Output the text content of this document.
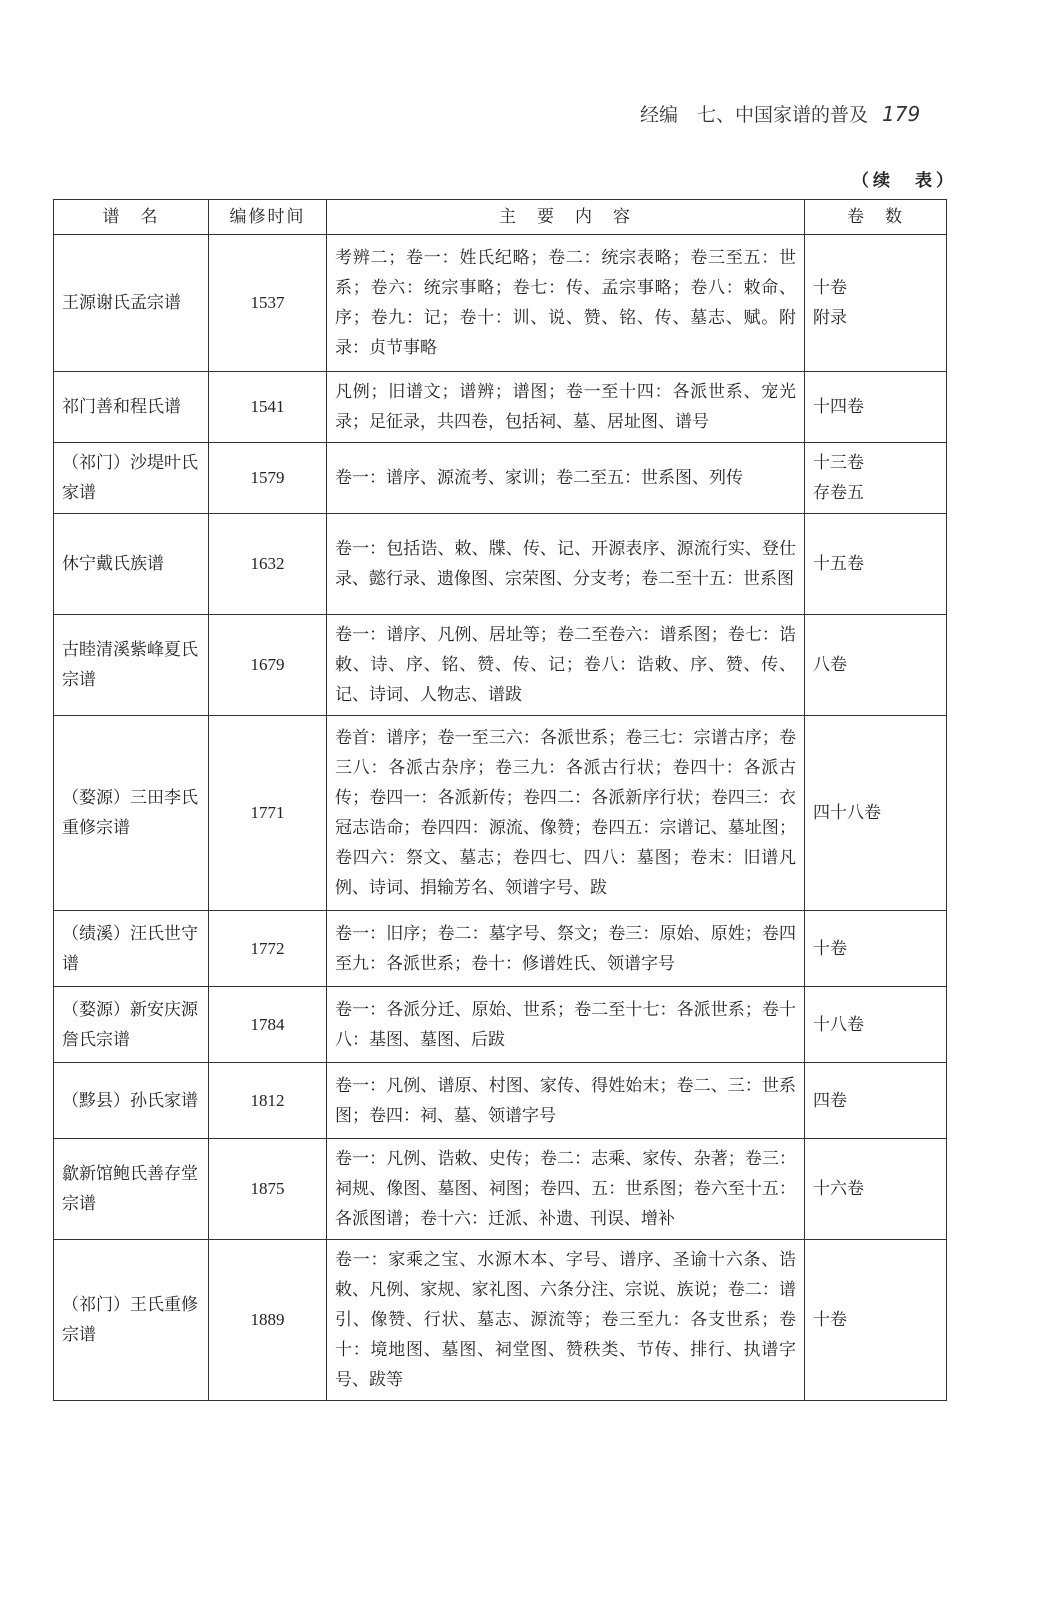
经编　七、中国家谱的普及 179
（续　表）
谱　名	编修时间	主　要　内　容	卷　数
王源谢氏孟宗谱	1537	考辨二；卷一：姓氏纪略；卷二：统宗表略；卷三至五：世系；卷六：统宗事略；卷七：传、孟宗事略；卷八：敕命、序；卷九：记；卷十：训、说、赞、铭、传、墓志、赋。附录：贞节事略	十卷
附录

祁门善和程氏谱	1541	凡例；旧谱文；谱辨；谱图；卷一至十四：各派世系、宠光录；足征录，共四卷，包括祠、墓、居址图、谱号	十四卷

（祁门）沙堤叶氏家谱	1579	卷一：谱序、源流考、家训；卷二至五：世系图、列传	十三卷
存卷五

休宁戴氏族谱	1632	卷一：包括诰、敕、牒、传、记、开源表序、源流行实、登仕录、懿行录、遗像图、宗荣图、分支考；卷二至十五：世系图	十五卷

古睦清溪紫峰夏氏宗谱	1679	卷一：谱序、凡例、居址等；卷二至卷六：谱系图；卷七：诰敕、诗、序、铭、赞、传、记；卷八：诰敕、序、赞、传、记、诗词、人物志、谱跋	八卷

（婺源）三田李氏重修宗谱	1771	卷首：谱序；卷一至三六：各派世系；卷三七：宗谱古序；卷三八：各派古杂序；卷三九：各派古行状；卷四十：各派古传；卷四一：各派新传；卷四二：各派新序行状；卷四三：衣冠志诰命；卷四四：源流、像赞；卷四五：宗谱记、墓址图；卷四六：祭文、墓志；卷四七、四八：墓图；卷末：旧谱凡例、诗词、捐输芳名、领谱字号、跋	四十八卷

（绩溪）汪氏世守谱	1772	卷一：旧序；卷二：墓字号、祭文；卷三：原始、原姓；卷四至九：各派世系；卷十：修谱姓氏、领谱字号	十卷

（婺源）新安庆源詹氏宗谱	1784	卷一：各派分迁、原始、世系；卷二至十七：各派世系；卷十八：基图、墓图、后跋	十八卷

（黟县）孙氏家谱	1812	卷一：凡例、谱原、村图、家传、得姓始末；卷二、三：世系图；卷四：祠、墓、领谱字号	四卷

歙新馆鲍氏善存堂宗谱	1875	卷一：凡例、诰敕、史传；卷二：志乘、家传、杂著；卷三：祠规、像图、墓图、祠图；卷四、五：世系图；卷六至十五：各派图谱；卷十六：迁派、补遗、刊误、增补	十六卷

（祁门）王氏重修宗谱	1889	卷一：家乘之宝、水源木本、字号、谱序、圣谕十六条、诰敕、凡例、家规、家礼图、六条分注、宗说、族说；卷二：谱引、像赞、行状、墓志、源流等；卷三至九：各支世系；卷十：境地图、墓图、祠堂图、赞秩类、节传、排行、执谱字号、跋等	十卷
